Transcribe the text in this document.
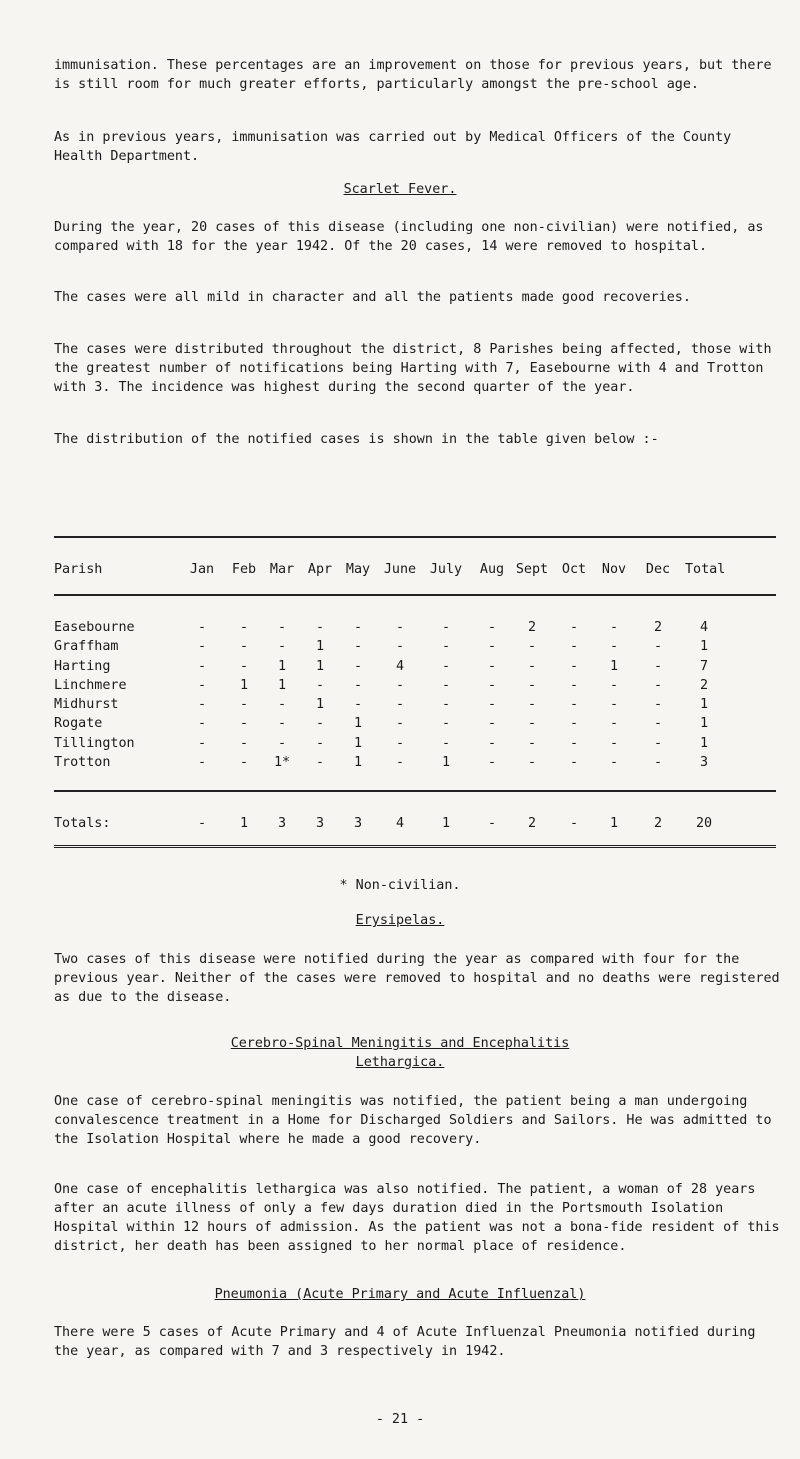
immunisation. These percentages are an improvement on those for previous years, but there is still room for much greater efforts, particularly amongst the pre-school age.

As in previous years, immunisation was carried out by Medical Officers of the County Health Department.

Scarlet Fever.

During the year, 20 cases of this disease (including one non-civilian) were notified, as compared with 18 for the year 1942. Of the 20 cases, 14 were removed to hospital.

The cases were all mild in character and all the patients made good recoveries.

The cases were distributed throughout the district, 8 Parishes being affected, those with the greatest number of notifications being Harting with 7, Easebourne with 4 and Trotton with 3. The incidence was highest during the second quarter of the year.

The distribution of the notified cases is shown in the table given below :-

Parish	Jan	Feb	Mar	Apr	May	June July	Aug Sept	Oct	Nov	Dec	Total
Easebourne	-	-	-	-	-	-	-	-	2	-	-	2	4
Graffham	-	-	-	1	-	-	-	-	-	-	-	-	1
Harting	-	-	1	1	-	4	-	-	-	-	1	-	7
Linchmere	-	1	1	-	-	-	-	-	-	-	-	-	2
Midhurst	-	-	-	1	-	-	-	-	-	-	-	-	1
Rogate	-	-	-	-	1	-	-	-	-	-	-	-	1
Tillington	-	-	-	-	1	-	-	-	-	-	-	-	1
Trotton	-	-	1*	-	1	-	1	-	-	-	-	-	3
Totals:	-	1	3	3	3	4	1	-	2	-	1	2	20

* Non-civilian.

Erysipelas.

Two cases of this disease were notified during the year as compared with four for the previous year. Neither of the cases were removed to hospital and no deaths were registered as due to the disease.

Cerebro-Spinal Meningitis and Encephalitis

Lethargica.

One case of cerebro-spinal meningitis was notified, the patient being a man undergoing convalescence treatment in a Home for Discharged Soldiers and Sailors. He was admitted to the Isolation Hospital where he made a good recovery.

One case of encephalitis lethargica was also notified. The patient, a woman of 28 years after an acute illness of only a few days duration died in the Portsmouth Isolation Hospital within 12 hours of admission. As the patient was not a bona-fide resident of this district, her death has been assigned to her normal place of residence.

Pneumonia (Acute Primary and Acute Influenzal)

There were 5 cases of Acute Primary and 4 of Acute Influenzal Pneumonia notified during the year, as compared with 7 and 3 respectively in 1942.

- 21 -
